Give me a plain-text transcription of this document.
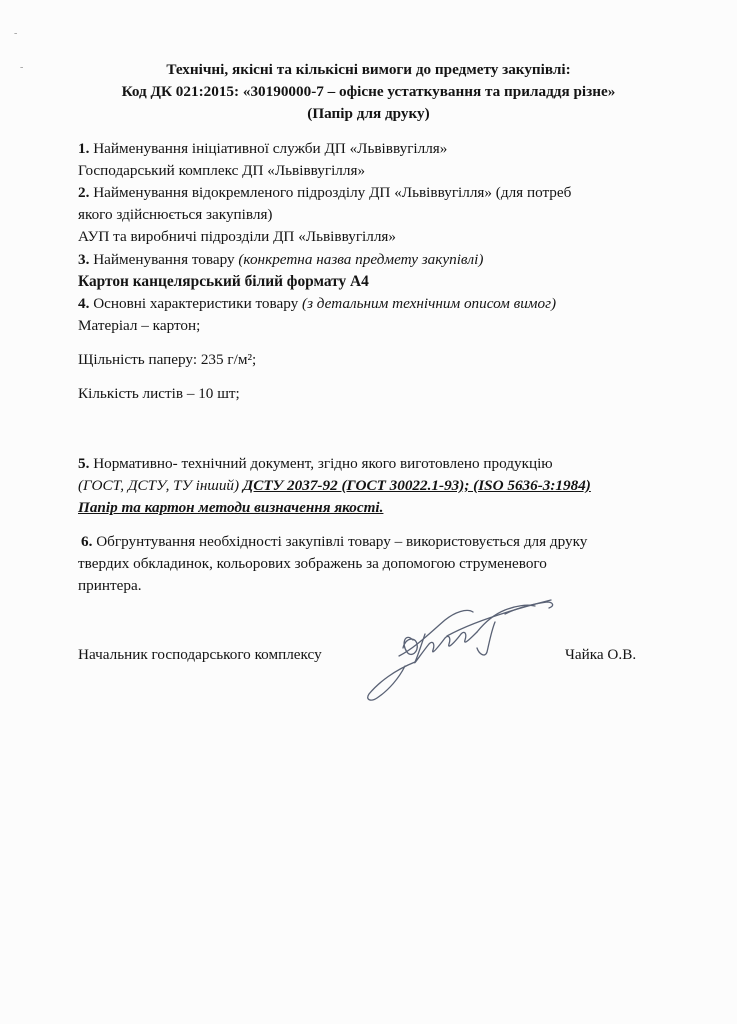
-
-	Технічні, якісні та кількісні вимоги до предмету закупівлі:
Код ДК 021:2015: «30190000-7 – офісне устаткування та приладдя різне»
(Папір для друку)
1. Найменування ініціативної служби ДП «Львіввугілля»
Господарський комплекс ДП «Львіввугілля»
2. Найменування відокремленого підрозділу ДП «Львіввугілля» (для потреб
якого здійснюється закупівля)
АУП та виробничі підрозділи ДП «Львіввугілля»
3. Найменування товару (конкретна назва предмету закупівлі)
Картон канцелярський білий формату А4
4. Основні характеристики товару (з детальним технічним описом вимог)
Матеріал – картон;
Щільність паперу: 235 г/м²;
Кількість листів – 10 шт;
5. Нормативно- технічний документ, згідно якого виготовлено продукцію
(ГОСТ, ДСТУ, ТУ інший) ДСТУ 2037-92 (ГОСТ 30022.1-93); (ISO 5636-3:1984)
Папір та картон методи визначення якості.
6. Обгрунтування необхідності закупівлі товару – використовується для друку
твердих обкладинок, кольорових зображень за допомогою струменевого
принтера.
Начальник господарського комплексу	Чайка О.В.
